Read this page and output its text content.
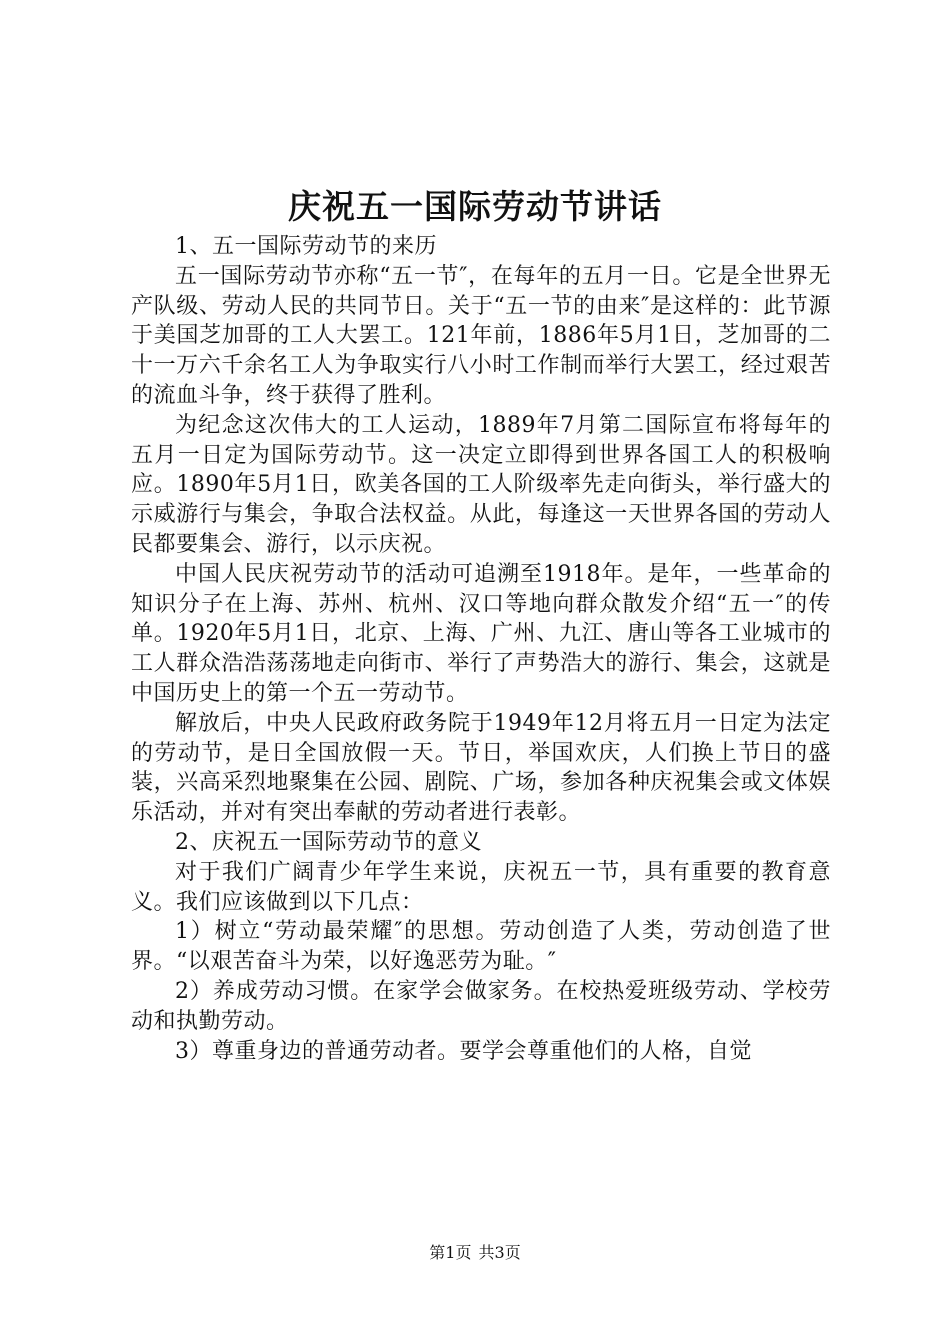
庆祝五一国际劳动节讲话

1、五一国际劳动节的来历

五一国际劳动节亦称“五一节″，在每年的五月一日。它是全世界无产队级、劳动人民的共同节日。关于“五一节的由来″是这样的：此节源于美国芝加哥的工人大罢工。121年前，1886年5月1日，芝加哥的二十一万六千余名工人为争取实行八小时工作制而举行大罢工，经过艰苦的流血斗争，终于获得了胜利。

为纪念这次伟大的工人运动，1889年7月第二国际宣布将每年的五月一日定为国际劳动节。这一决定立即得到世界各国工人的积极响应。1890年5月1日，欧美各国的工人阶级率先走向街头，举行盛大的示威游行与集会，争取合法权益。从此，每逢这一天世界各国的劳动人民都要集会、游行，以示庆祝。

中国人民庆祝劳动节的活动可追溯至1918年。是年，一些革命的知识分子在上海、苏州、杭州、汉口等地向群众散发介绍“五一″的传单。1920年5月1日，北京、上海、广州、九江、唐山等各工业城市的工人群众浩浩荡荡地走向街市、举行了声势浩大的游行、集会，这就是中国历史上的第一个五一劳动节。

解放后，中央人民政府政务院于1949年12月将五月一日定为法定的劳动节，是日全国放假一天。节日，举国欢庆，人们换上节日的盛装，兴高采烈地聚集在公园、剧院、广场，参加各种庆祝集会或文体娱乐活动，并对有突出奉献的劳动者进行表彰。

2、庆祝五一国际劳动节的意义

对于我们广阔青少年学生来说，庆祝五一节，具有重要的教育意义。我们应该做到以下几点：

1）树立“劳动最荣耀″的思想。劳动创造了人类，劳动创造了世界。“以艰苦奋斗为荣，以好逸恶劳为耻。″

2）养成劳动习惯。在家学会做家务。在校热爱班级劳动、学校劳动和执勤劳动。

3）尊重身边的普通劳动者。要学会尊重他们的人格，自觉

第1页 共3页
